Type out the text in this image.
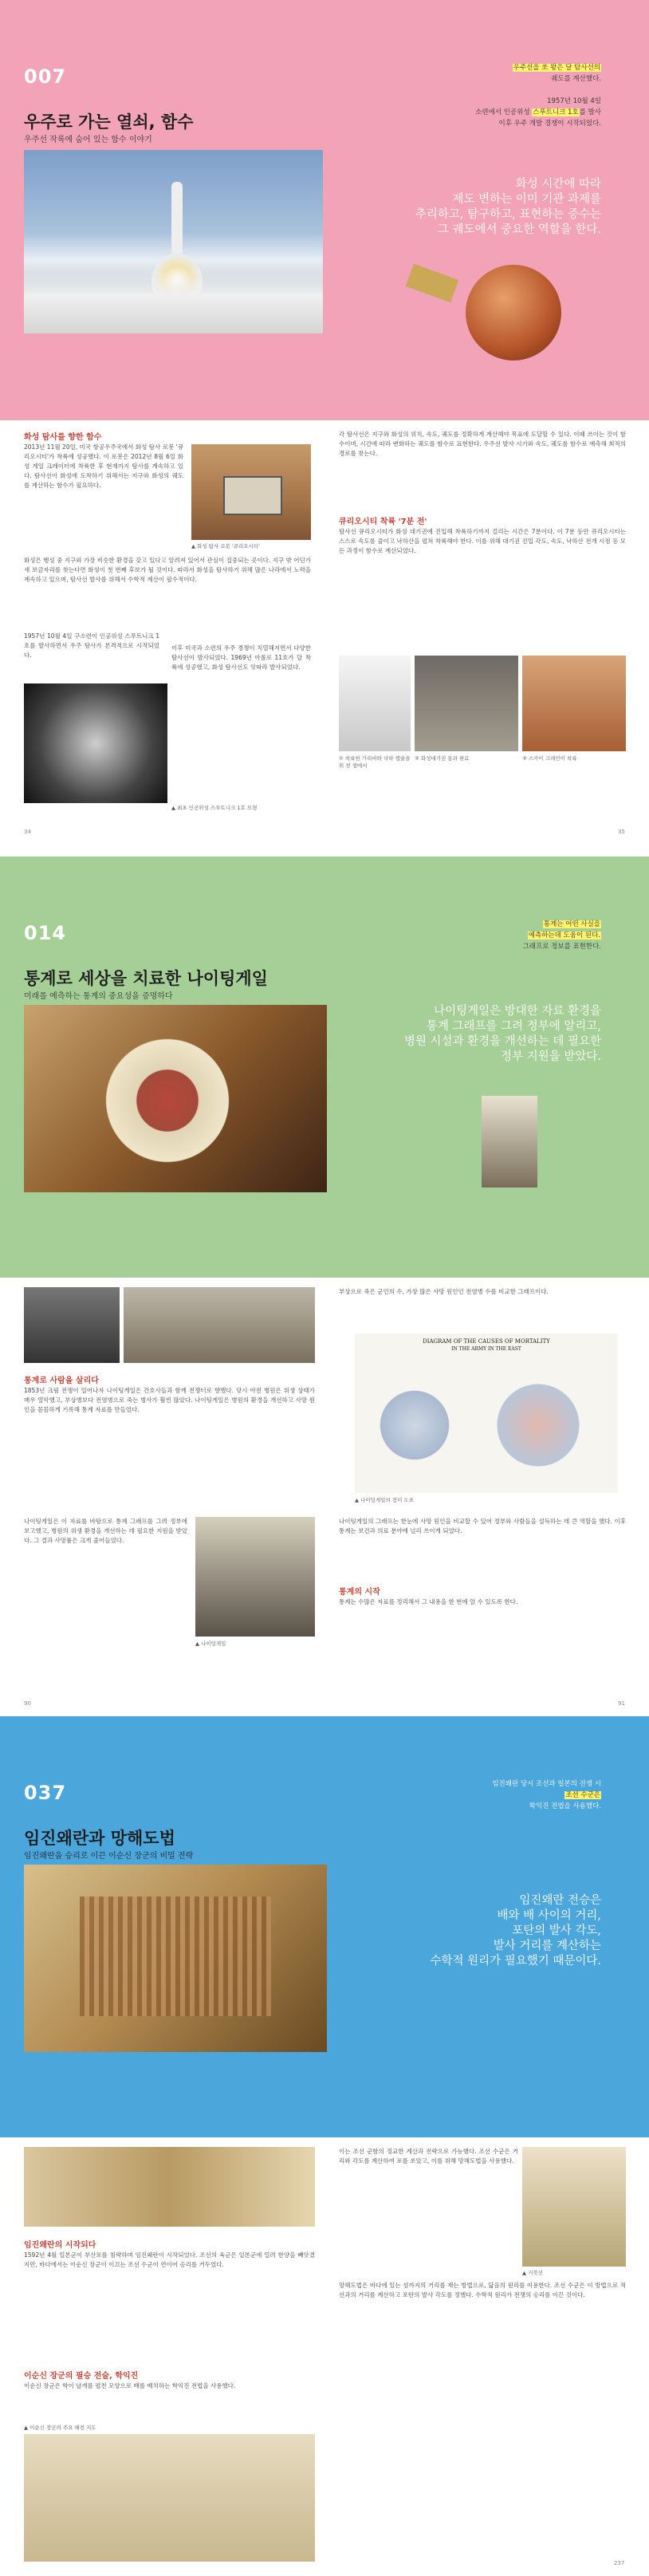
007
우주로 가는 열쇠, 함수
우주선 작록에 숨어 있는 함수 이야기
우주선을 쏘 왕은 달 탐사선의
궤도를 계산했다.

1957년 10월 4일
소련에서 인공위성 스푸트니크 1호를 발사
이후 우주 개발 경쟁이 시작되었다.
화성 시간에 따라
제도 변하는 이미 기관 과제를
추리하고, 탐구하고, 표현하는 증수는
그 궤도에서 중요한 역할을 한다.
화성 탐사를 향한 함수
2013년 11월 20일, 미국 항공우주국에서 화성 탐사 로봇 '큐리오시티'가 착륙에 성공했다. 이 로봇은 2012년 8월 6일 화성 게일 크레이터에 착륙한 후 현재까지 탐사를 계속하고 있다. 탐사선이 화성에 도착하기 위해서는 지구와 화성의 궤도를 계산하는 함수가 필요하다.
▲ 화성 탐사 로봇 '큐리오시티'
화성은 행성 중 지구와 가장 비슷한 환경을 갖고 있다고 알려져 있어서 관심이 집중되는 곳이다. 지구 밖 어딘가 새 보금자리를 찾는다면 화성이 첫 번째 후보가 될 것이다. 따라서 화성을 탐사하기 위해 많은 나라에서 노력을 계속하고 있으며, 탐사선 발사를 위해서 수학적 계산이 필수적이다.
1957년 10월 4일 구소련이 인공위성 스푸트니크 1호를 발사하면서 우주 탐사가 본격적으로 시작되었다.
이후 미국과 소련의 우주 경쟁이 치열해지면서 다양한 탐사선이 발사되었다. 1969년 아폴로 11호가 달 착륙에 성공했고, 화성 탐사선도 잇따라 발사되었다.
▲ 최초 인공위성 스푸트니크 1호 모형
34
각 탐사선은 지구와 화성의 위치, 속도, 궤도를 정확하게 계산해야 목표에 도달할 수 있다. 이때 쓰이는 것이 함수이며, 시간에 따라 변화하는 궤도를 함수로 표현한다. 우주선 발사 시기와 속도, 궤도를 함수로 예측해 최적의 경로를 찾는다.
큐리오시티 착륙 '7분 전'
탐사선 큐리오시티가 화성 대기권에 진입해 착륙하기까지 걸리는 시간은 7분이다. 이 7분 동안 큐리오시티는 스스로 속도를 줄이고 낙하산을 펼쳐 착륙해야 한다. 이를 위해 대기권 진입 각도, 속도, 낙하산 전개 시점 등 모든 과정이 함수로 계산되었다.
① 착륙한 가리바와 낙하 캡슐을 위 천 셀에서
② 화성대기권 통과 완료	③ 스카이 크레인이 착륙
35
014
통계로 세상을 치료한 나이팅게일
미래를 예측하는 통계의 중요성을 증명하다
통계는 어떤 사실을
예측하는데 도움이 된다.
그래프로 정보를 표현한다.
나이팅게일은 방대한 자료 환경을
통계 그래프를 그려 정부에 알리고,
병원 시설과 환경을 개선하는 데 필요한
정부 지원을 받았다.
통계로 사람을 살리다
1853년 크림 전쟁이 일어나자 나이팅게일은 간호사들과 함께 전쟁터로 향했다. 당시 야전 병원은 위생 상태가 매우 열악했고, 부상병보다 전염병으로 죽는 병사가 훨씬 많았다. 나이팅게일은 병원의 환경을 개선하고 사망 원인을 꼼꼼하게 기록해 통계 자료를 만들었다.
▲ 나이팅게일
나이팅게일은 이 자료를 바탕으로 통계 그래프를 그려 정부에 보고했고, 병원의 위생 환경을 개선하는 데 필요한 지원을 받았다. 그 결과 사망률은 크게 줄어들었다.
90
부상으로 죽은 군인의 수, 가장 많은 사망 원인인 전염병 수를 비교한 그래프이다.
DIAGRAM OF THE CAUSES OF MORTALITY
IN THE ARMY IN THE EAST
▲ 나이팅게일의 장미 도표
나이팅게일의 그래프는 한눈에 사망 원인을 비교할 수 있어 정부와 사람들을 설득하는 데 큰 역할을 했다. 이후 통계는 보건과 의료 분야에 널리 쓰이게 되었다.
통계의 시작
통계는 수많은 자료를 정리해서 그 내용을 한 번에 알 수 있도록 한다.
91
037
임진왜란과 망해도법
임진왜란을 승리로 이끈 이순신 장군의 비밀 전략
임진왜란 당시 조선과 일본의 전쟁 시
조선 수군은
학익진 전법을 사용했다.
임진왜란 전승은
배와 배 사이의 거리,
포탄의 발사 각도,
발사 거리를 계산하는
수학적 원리가 필요했기 때문이다.
임진왜란의 시작되다
1592년 4월 일본군이 부산포를 침략하며 임진왜란이 시작되었다. 조선의 육군은 일본군에 밀려 한양을 빼앗겼지만, 바다에서는 이순신 장군이 이끄는 조선 수군이 연이어 승리를 거두었다.
이순신 장군의 필승 전술, 학익진
이순신 장군은 학이 날개를 펼친 모양으로 배를 배치하는 학익진 전법을 사용했다.
▲ 이순신 장군의 주요 해전 지도
이는 조선 군함의 정교한 계산과 전략으로 가능했다. 조선 수군은 거리와 각도를 계산하여 포를 쏘았고, 이를 위해 망해도법을 사용했다.
▲ 거북선
망해도법은 바다에 있는 섬까지의 거리를 재는 방법으로, 닮음의 원리를 이용한다. 조선 수군은 이 방법으로 적선과의 거리를 계산하고 포탄의 발사 각도를 정했다. 수학적 원리가 전쟁의 승리를 이끈 것이다.
237
